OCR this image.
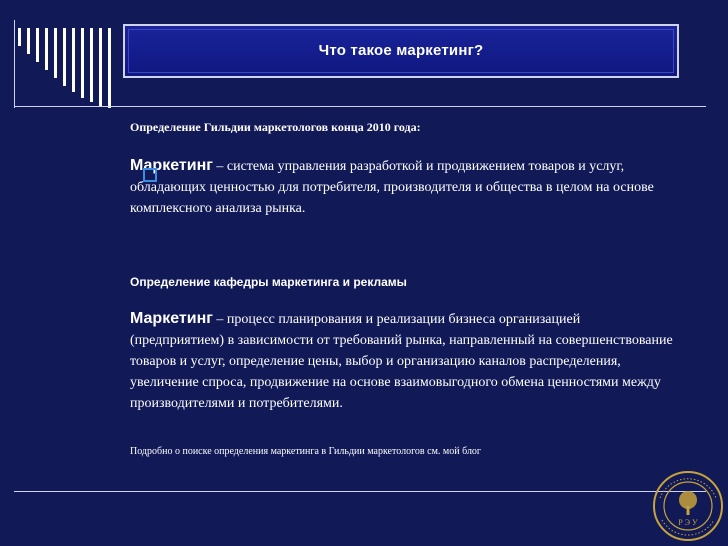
Что такое маркетинг?
Определение Гильдии маркетологов конца 2010 года:
Маркетинг – система управления разработкой и продвижением товаров и услуг, обладающих ценностью для потребителя, производителя и общества в целом на основе комплексного анализа рынка.
Определение кафедры маркетинга и рекламы
Маркетинг – процесс планирования и реализации бизнеса организацией (предприятием) в зависимости от требований рынка, направленный на совершенствование товаров и услуг, определение цены, выбор и организацию каналов распределения, увеличение спроса, продвижение на основе взаимовыгодного обмена ценностями между производителями и потребителями.
Подробно о поиске определения маркетинга в Гильдии маркетологов см. мой блог
Р Э У
